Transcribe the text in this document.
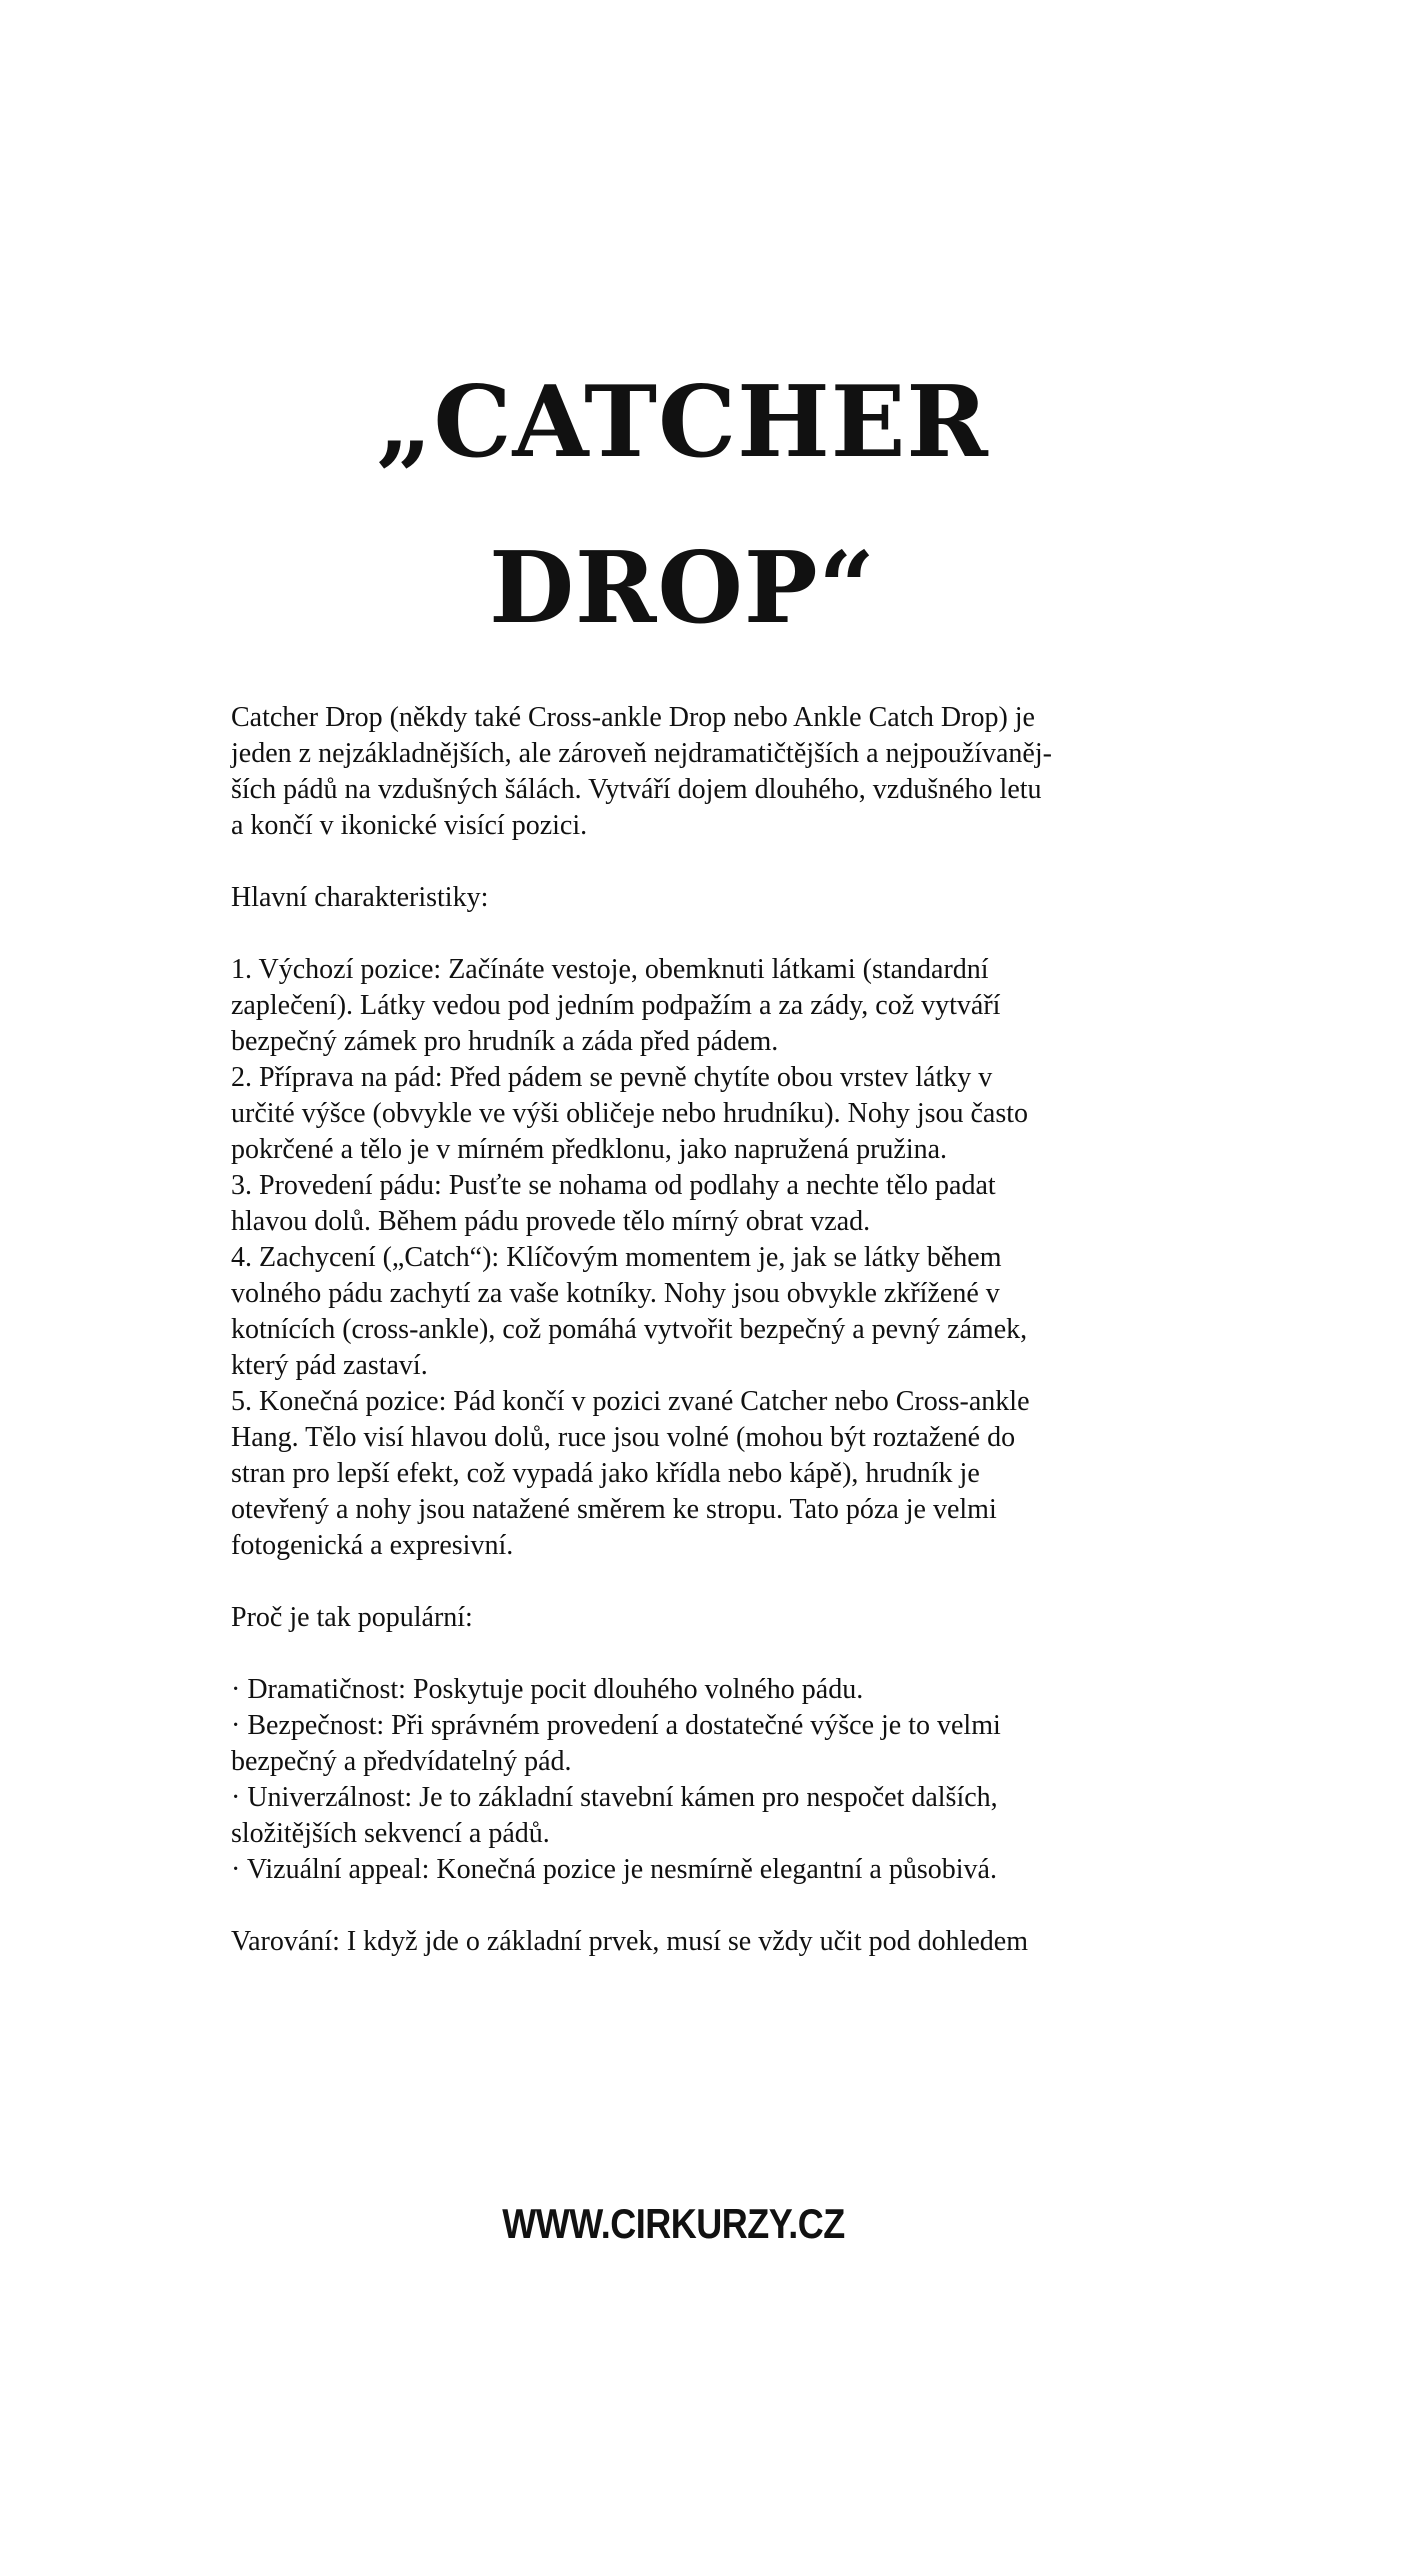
„CATCHER
DROP“

Catcher Drop (někdy také Cross-ankle Drop nebo Ankle Catch Drop) je

jeden z nejzákladnějších, ale zároveň nejdramatičtějších a nejpoužívaněj-

ších pádů na vzdušných šálách. Vytváří dojem dlouhého, vzdušného letu

a končí v ikonické visící pozici.

Hlavní charakteristiky:

1. Výchozí pozice: Začínáte vestoje, obemknuti látkami (standardní

zaplečení). Látky vedou pod jedním podpažím a za zády, což vytváří

bezpečný zámek pro hrudník a záda před pádem.

2. Příprava na pád: Před pádem se pevně chytíte obou vrstev látky v

určité výšce (obvykle ve výši obličeje nebo hrudníku). Nohy jsou často

pokrčené a tělo je v mírném předklonu, jako napružená pružina.

3. Provedení pádu: Pusťte se nohama od podlahy a nechte tělo padat

hlavou dolů. Během pádu provede tělo mírný obrat vzad.

4. Zachycení („Catch“): Klíčovým momentem je, jak se látky během

volného pádu zachytí za vaše kotníky. Nohy jsou obvykle zkřížené v

kotnících (cross-ankle), což pomáhá vytvořit bezpečný a pevný zámek,

který pád zastaví.

5. Konečná pozice: Pád končí v pozici zvané Catcher nebo Cross-ankle

Hang. Tělo visí hlavou dolů, ruce jsou volné (mohou být roztažené do

stran pro lepší efekt, což vypadá jako křídla nebo kápě), hrudník je

otevřený a nohy jsou natažené směrem ke stropu. Tato póza je velmi

fotogenická a expresivní.

Proč je tak populární:

· Dramatičnost: Poskytuje pocit dlouhého volného pádu.

· Bezpečnost: Při správném provedení a dostatečné výšce je to velmi

bezpečný a předvídatelný pád.

· Univerzálnost: Je to základní stavební kámen pro nespočet dalších,

složitějších sekvencí a pádů.

· Vizuální appeal: Konečná pozice je nesmírně elegantní a působivá.

Varování: I když jde o základní prvek, musí se vždy učit pod dohledem

WWW.CIRKURZY.CZ
